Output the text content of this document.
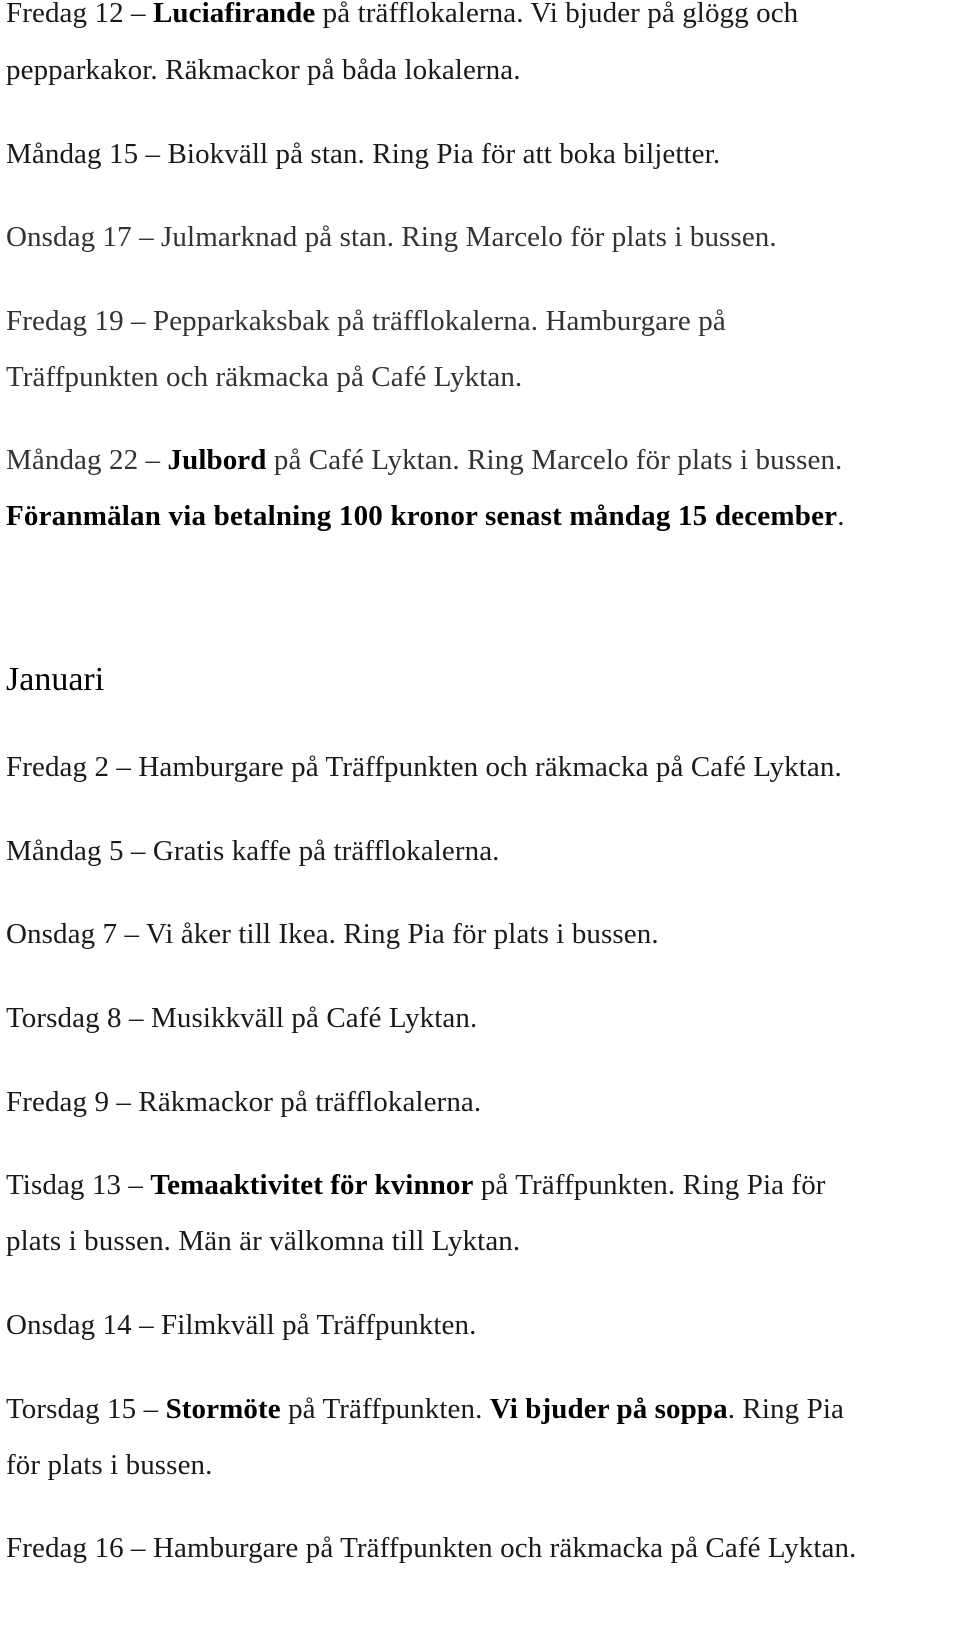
Fredag 12 – Luciafirande på träfflokalerna. Vi bjuder på glögg och
pepparkakor. Räkmackor på båda lokalerna.
Måndag 15 – Biokväll på stan. Ring Pia för att boka biljetter.
Onsdag 17 – Julmarknad på stan. Ring Marcelo för plats i bussen.
Fredag 19 – Pepparkaksbak på träfflokalerna. Hamburgare på
Träffpunkten och räkmacka på Café Lyktan.
Måndag 22 – Julbord på Café Lyktan. Ring Marcelo för plats i bussen.
Föranmälan via betalning 100 kronor senast måndag 15 december.
Januari
Fredag 2 – Hamburgare på Träffpunkten och räkmacka på Café Lyktan.
Måndag 5 – Gratis kaffe på träfflokalerna.
Onsdag 7 – Vi åker till Ikea. Ring Pia för plats i bussen.
Torsdag 8 – Musikkväll på Café Lyktan.
Fredag 9 – Räkmackor på träfflokalerna.
Tisdag 13 – Temaaktivitet för kvinnor på Träffpunkten. Ring Pia för
plats i bussen. Män är välkomna till Lyktan.
Onsdag 14 – Filmkväll på Träffpunkten.
Torsdag 15 – Stormöte på Träffpunkten. Vi bjuder på soppa. Ring Pia
för plats i bussen.
Fredag 16 – Hamburgare på Träffpunkten och räkmacka på Café Lyktan.
